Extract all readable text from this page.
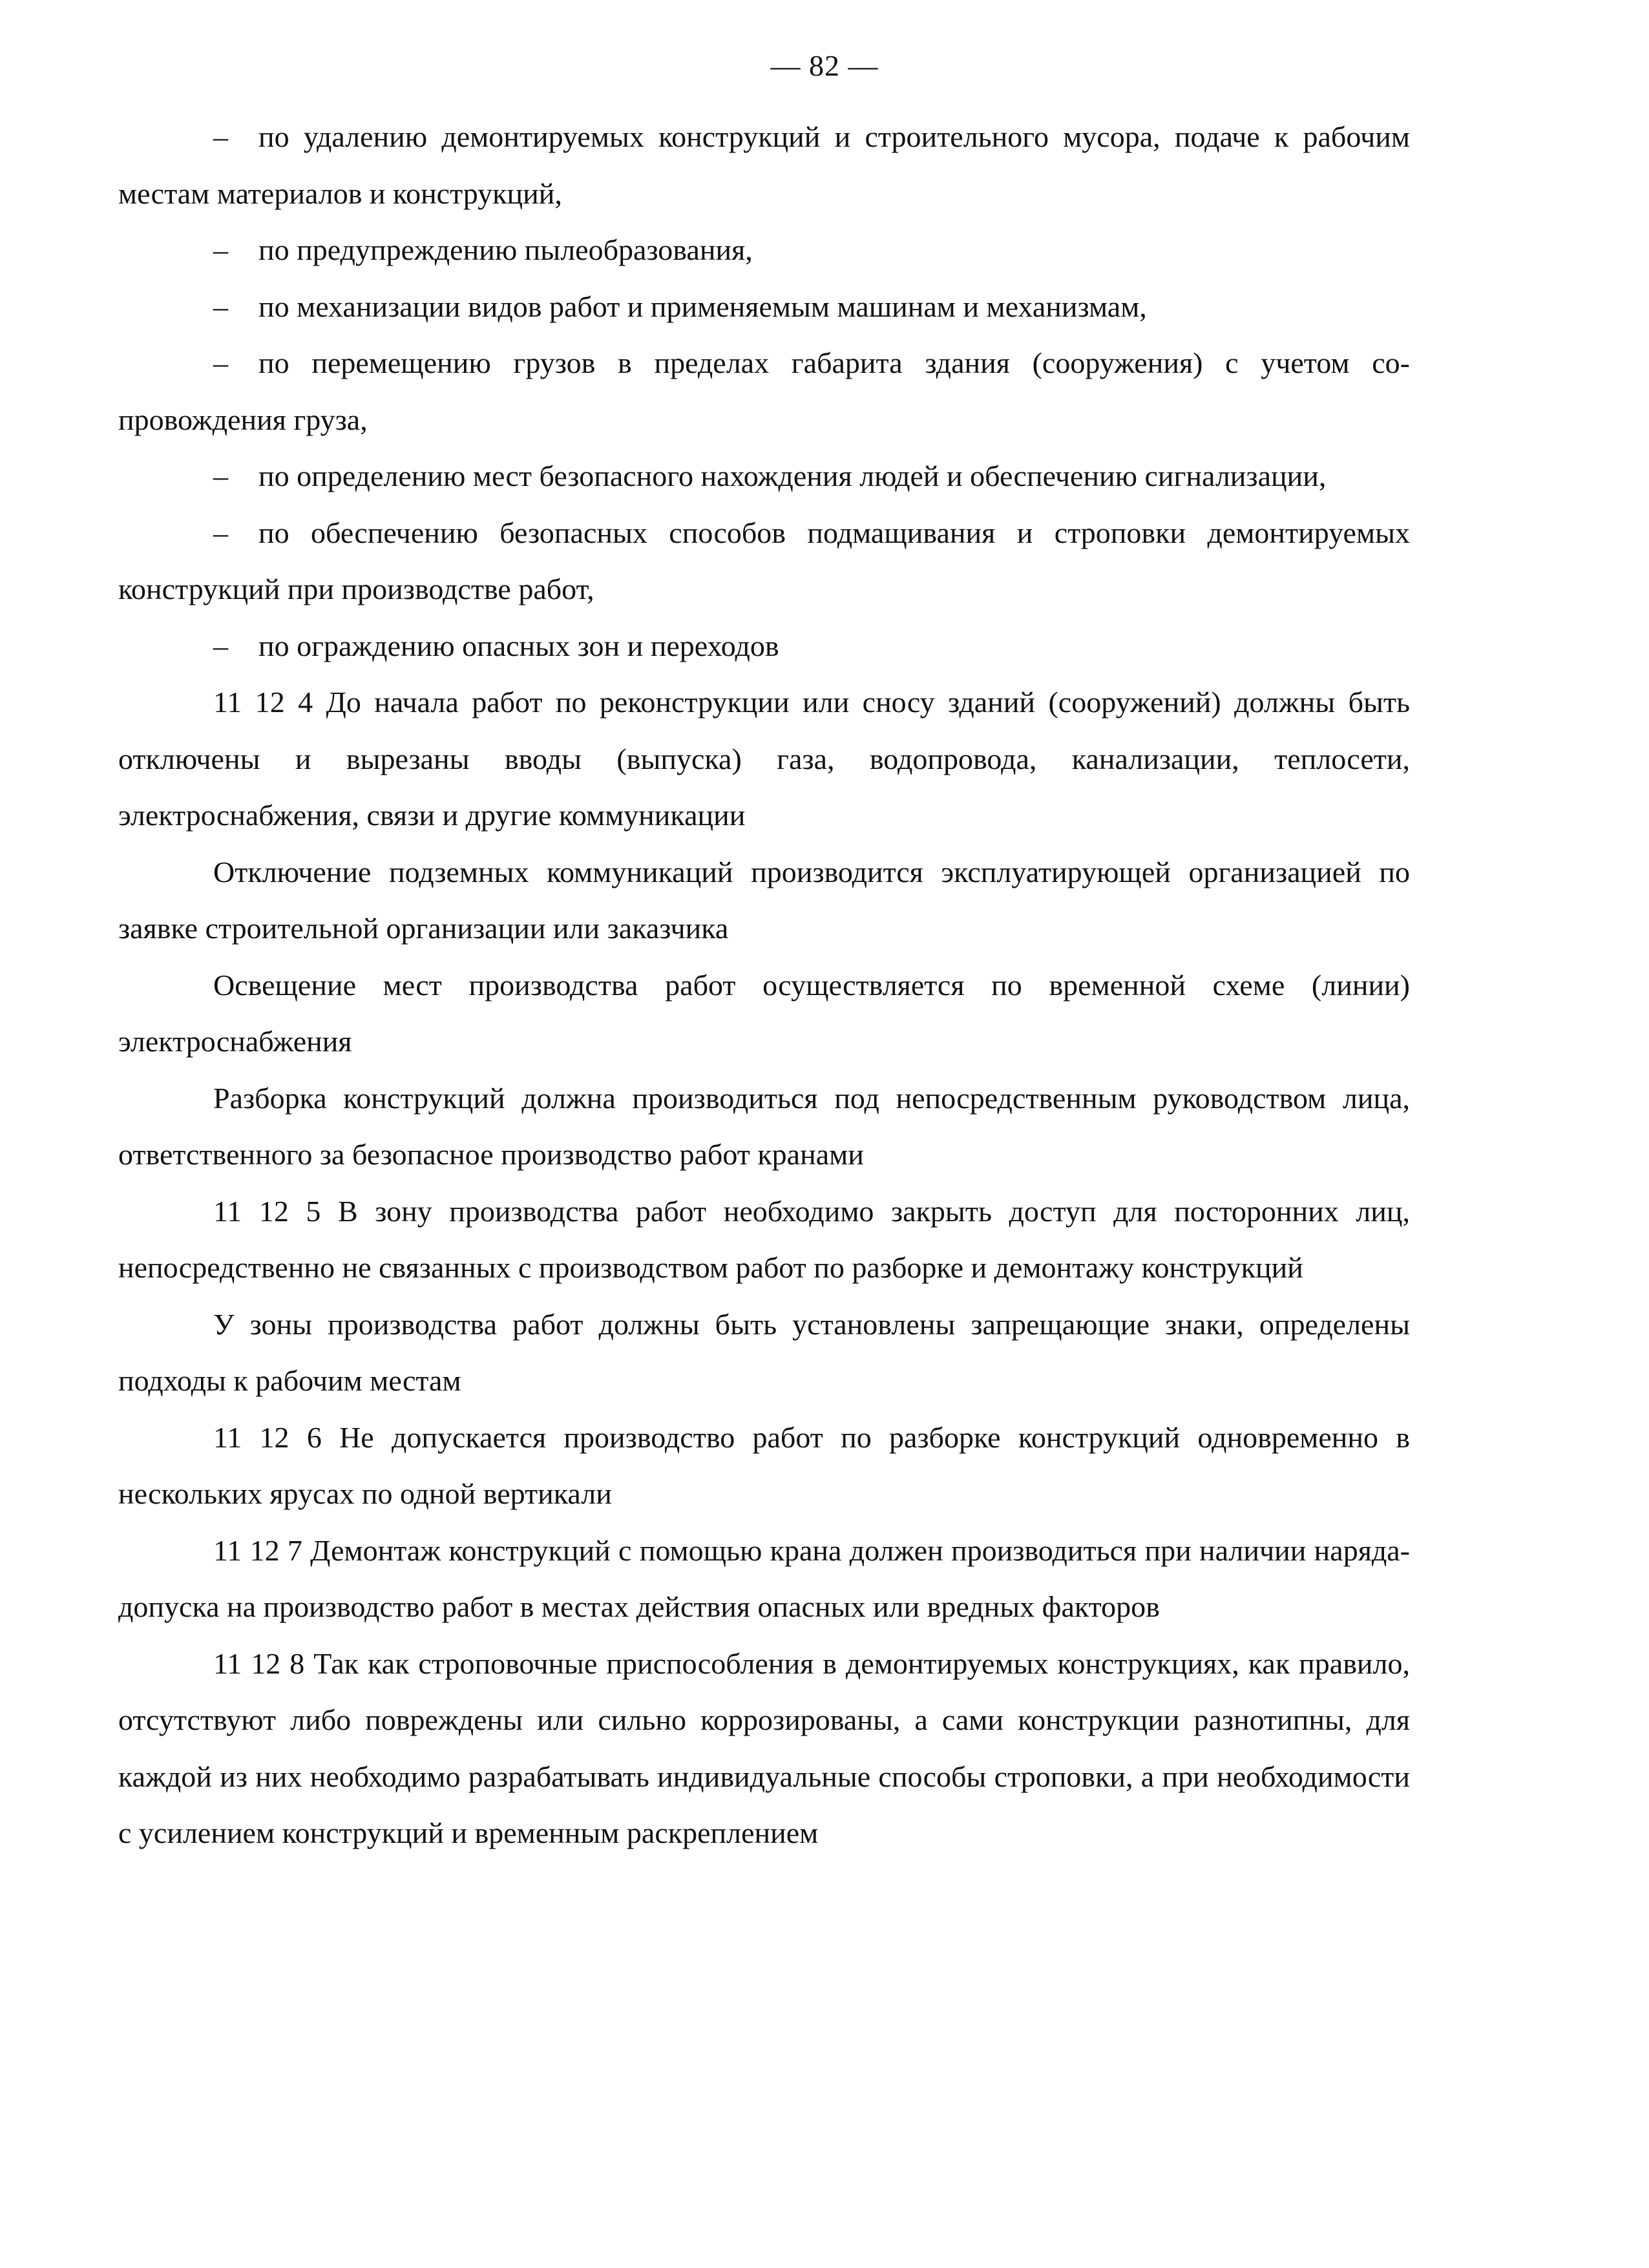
— 82 —

– по удалению демонтируемых конструкций и строительного мусора, подаче к рабочим местам материалов и конструкций,

– по предупреждению пылеобразования,

– по механизации видов работ и применяемым машинам и механизмам,

– по перемещению грузов в пределах габарита здания (сооружения) с учетом сопровождения груза,

– по определению мест безопасного нахождения людей и обеспечению сигнализации,

– по обеспечению безопасных способов подмащивания и строповки демонтируемых конструкций при производстве работ,

– по ограждению опасных зон и переходов

11 12 4 До начала работ по реконструкции или сносу зданий (сооружений) должны быть отключены и вырезаны вводы (выпуска) газа, водопровода, канализации, теплосети, электроснабжения, связи и другие коммуникации

Отключение подземных коммуникаций производится эксплуатирующей организацией по заявке строительной организации или заказчика

Освещение мест производства работ осуществляется по временной схеме (линии) электроснабжения

Разборка конструкций должна производиться под непосредственным руководством лица, ответственного за безопасное производство работ кранами

11 12 5 В зону производства работ необходимо закрыть доступ для посторонних лиц, непосредственно не связанных с производством работ по разборке и демонтажу конструкций

У зоны производства работ должны быть установлены запрещающие знаки, определены подходы к рабочим местам

11 12 6 Не допускается производство работ по разборке конструкций одновременно в нескольких ярусах по одной вертикали

11 12 7 Демонтаж конструкций с помощью крана должен производиться при наличии наряда-допуска на производство работ в местах действия опасных или вредных факторов

11 12 8 Так как строповочные приспособления в демонтируемых конструкциях, как правило, отсутствуют либо повреждены или сильно коррозированы, а сами конструкции разнотипны, для каждой из них необходимо разрабатывать индивидуальные способы строповки, а при необходимости с усилением конструкций и временным раскреплением
